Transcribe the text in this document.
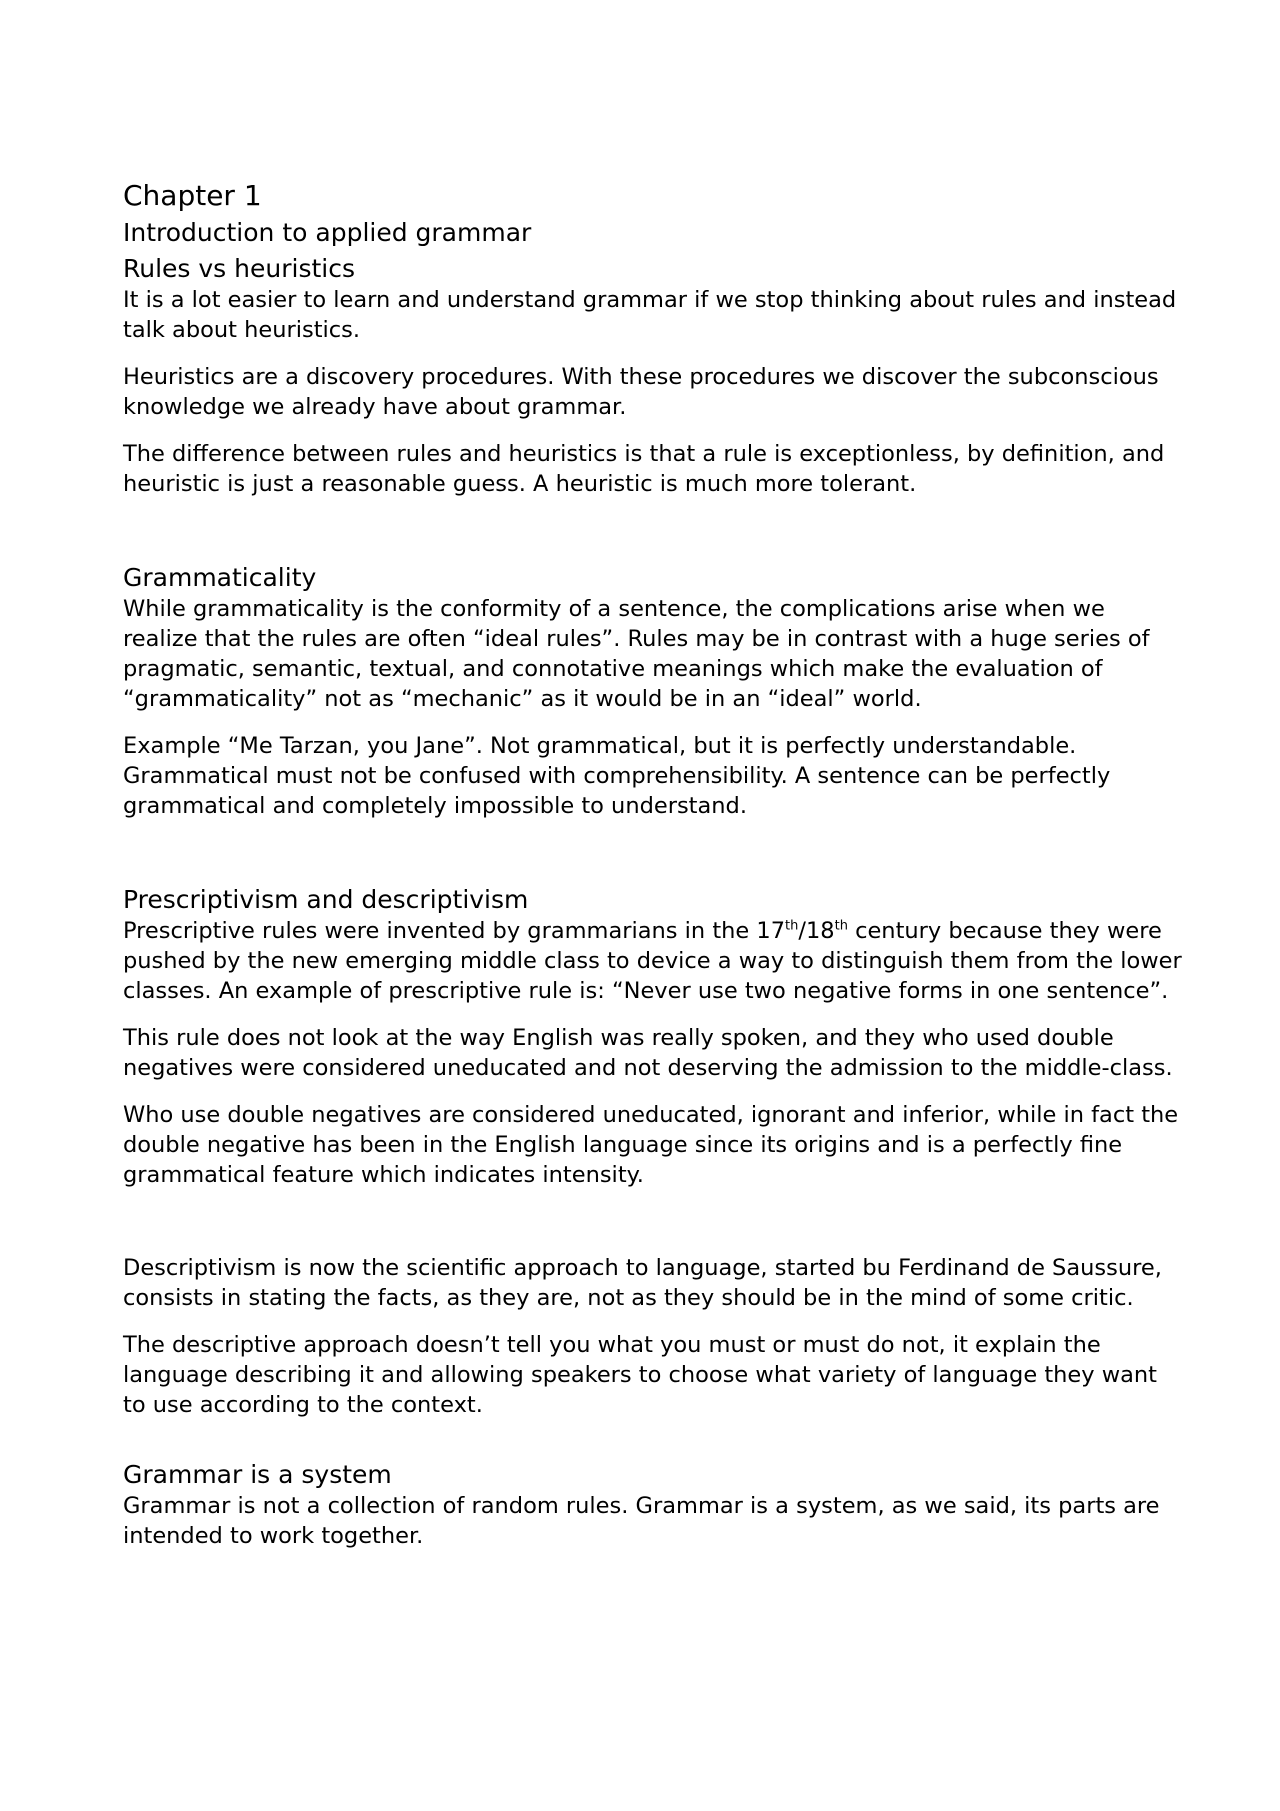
Chapter 1
Introduction to applied grammar
Rules vs heuristics

It is a lot easier to learn and understand grammar if we stop thinking about rules and instead talk about heuristics.

Heuristics are a discovery procedures. With these procedures we discover the subconscious knowledge we already have about grammar.

The difference between rules and heuristics is that a rule is exceptionless, by definition, and heuristic is just a reasonable guess. A heuristic is much more tolerant.

Grammaticality

While grammaticality is the conformity of a sentence, the complications arise when we realize that the rules are often “ideal rules”. Rules may be in contrast with a huge series of pragmatic, semantic, textual, and connotative meanings which make the evaluation of “grammaticality” not as “mechanic” as it would be in an “ideal” world.

Example “Me Tarzan, you Jane”. Not grammatical, but it is perfectly understandable. Grammatical must not be confused with comprehensibility. A sentence can be perfectly grammatical and completely impossible to understand.

Prescriptivism and descriptivism

Prescriptive rules were invented by grammarians in the 17th/18th century because they were pushed by the new emerging middle class to device a way to distinguish them from the lower classes. An example of prescriptive rule is: “Never use two negative forms in one sentence”.

This rule does not look at the way English was really spoken, and they who used double negatives were considered uneducated and not deserving the admission to the middle-class.

Who use double negatives are considered uneducated, ignorant and inferior, while in fact the double negative has been in the English language since its origins and is a perfectly fine grammatical feature which indicates intensity.

Descriptivism is now the scientific approach to language, started bu Ferdinand de Saussure, consists in stating the facts, as they are, not as they should be in the mind of some critic.

The descriptive approach doesn’t tell you what you must or must do not, it explain the language describing it and allowing speakers to choose what variety of language they want to use according to the context.

Grammar is a system

Grammar is not a collection of random rules. Grammar is a system, as we said, its parts are intended to work together.
